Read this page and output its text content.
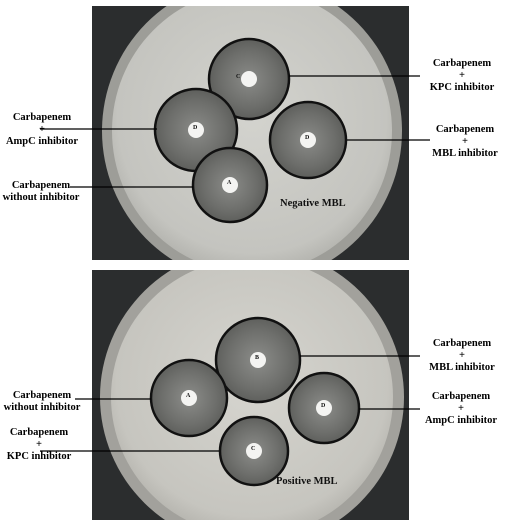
C
D
D
A
Negative MBL
B
A
D
C
Positive MBL
Carbapenem
+
KPC inhibitor
Carbapenem
+
AmpC inhibitor
Carbapenem
+
MBL inhibitor
Carbapenem
without inhibitor
Carbapenem
+
MBL inhibitor
Carbapenem
without inhibitor
Carbapenem
+
AmpC inhibitor
Carbapenem
+
KPC inhibitor
